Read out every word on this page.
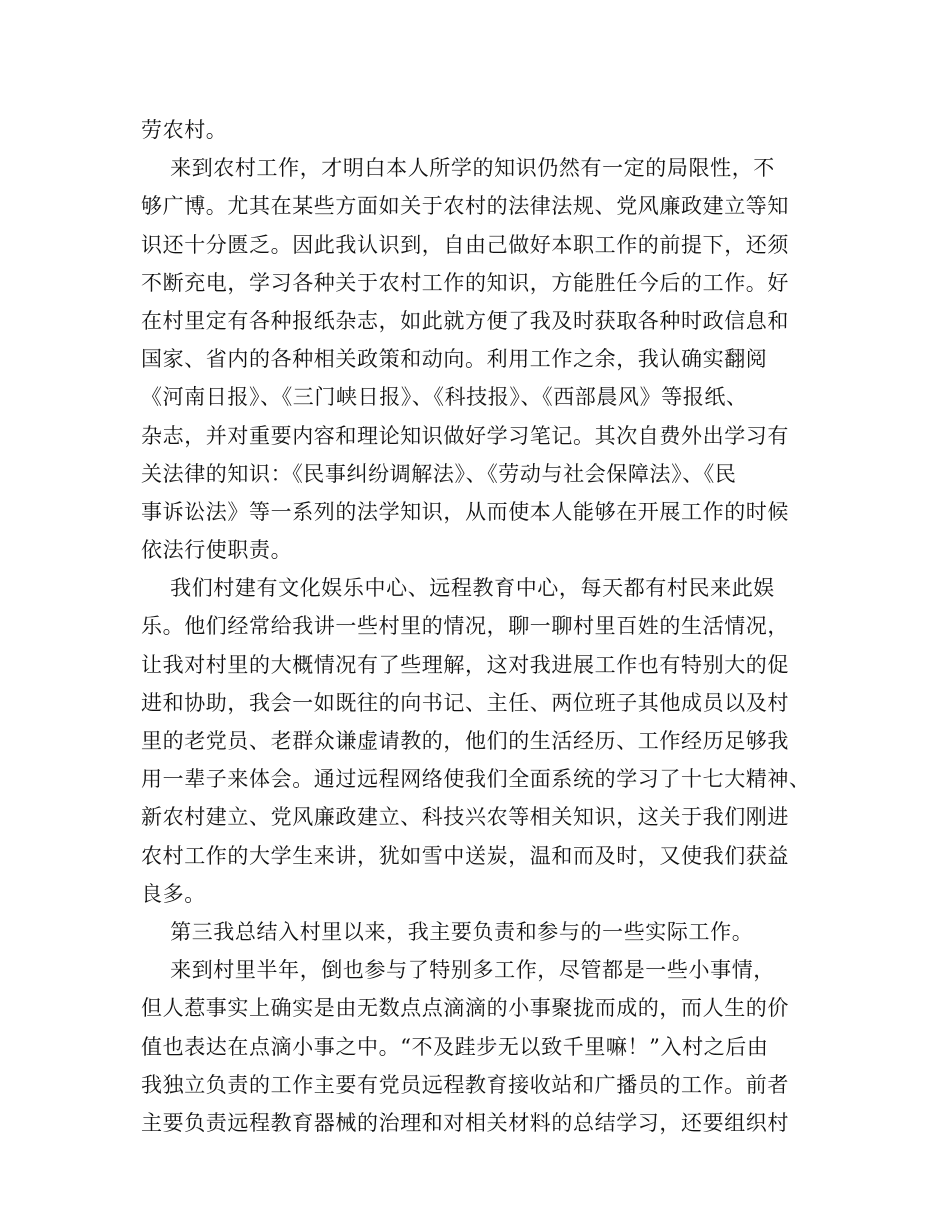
劳农村。
来到农村工作，才明白本人所学的知识仍然有一定的局限性，不
够广博。尤其在某些方面如关于农村的法律法规、党风廉政建立等知
识还十分匮乏。因此我认识到，自由己做好本职工作的前提下，还须
不断充电，学习各种关于农村工作的知识，方能胜任今后的工作。好
在村里定有各种报纸杂志，如此就方便了我及时获取各种时政信息和
国家、省内的各种相关政策和动向。利用工作之余，我认确实翻阅
《河南日报》、《三门峡日报》、《科技报》、《西部晨风》等报纸、
杂志，并对重要内容和理论知识做好学习笔记。其次自费外出学习有
关法律的知识：《民事纠纷调解法》、《劳动与社会保障法》、《民
事诉讼法》等一系列的法学知识，从而使本人能够在开展工作的时候
依法行使职责。
我们村建有文化娱乐中心、远程教育中心，每天都有村民来此娱
乐。他们经常给我讲一些村里的情况，聊一聊村里百姓的生活情况，
让我对村里的大概情况有了些理解，这对我进展工作也有特别大的促
进和协助，我会一如既往的向书记、主任、两位班子其他成员以及村
里的老党员、老群众谦虚请教的，他们的生活经历、工作经历足够我
用一辈子来体会。通过远程网络使我们全面系统的学习了十七大精神、
新农村建立、党风廉政建立、科技兴农等相关知识，这关于我们刚进
农村工作的大学生来讲，犹如雪中送炭，温和而及时，又使我们获益
良多。
第三我总结入村里以来，我主要负责和参与的一些实际工作。
来到村里半年，倒也参与了特别多工作，尽管都是一些小事情，
但人惹事实上确实是由无数点点滴滴的小事聚拢而成的，而人生的价
值也表达在点滴小事之中。“不及跬步无以致千里嘛！”入村之后由
我独立负责的工作主要有党员远程教育接收站和广播员的工作。前者
主要负责远程教育器械的治理和对相关材料的总结学习，还要组织村
